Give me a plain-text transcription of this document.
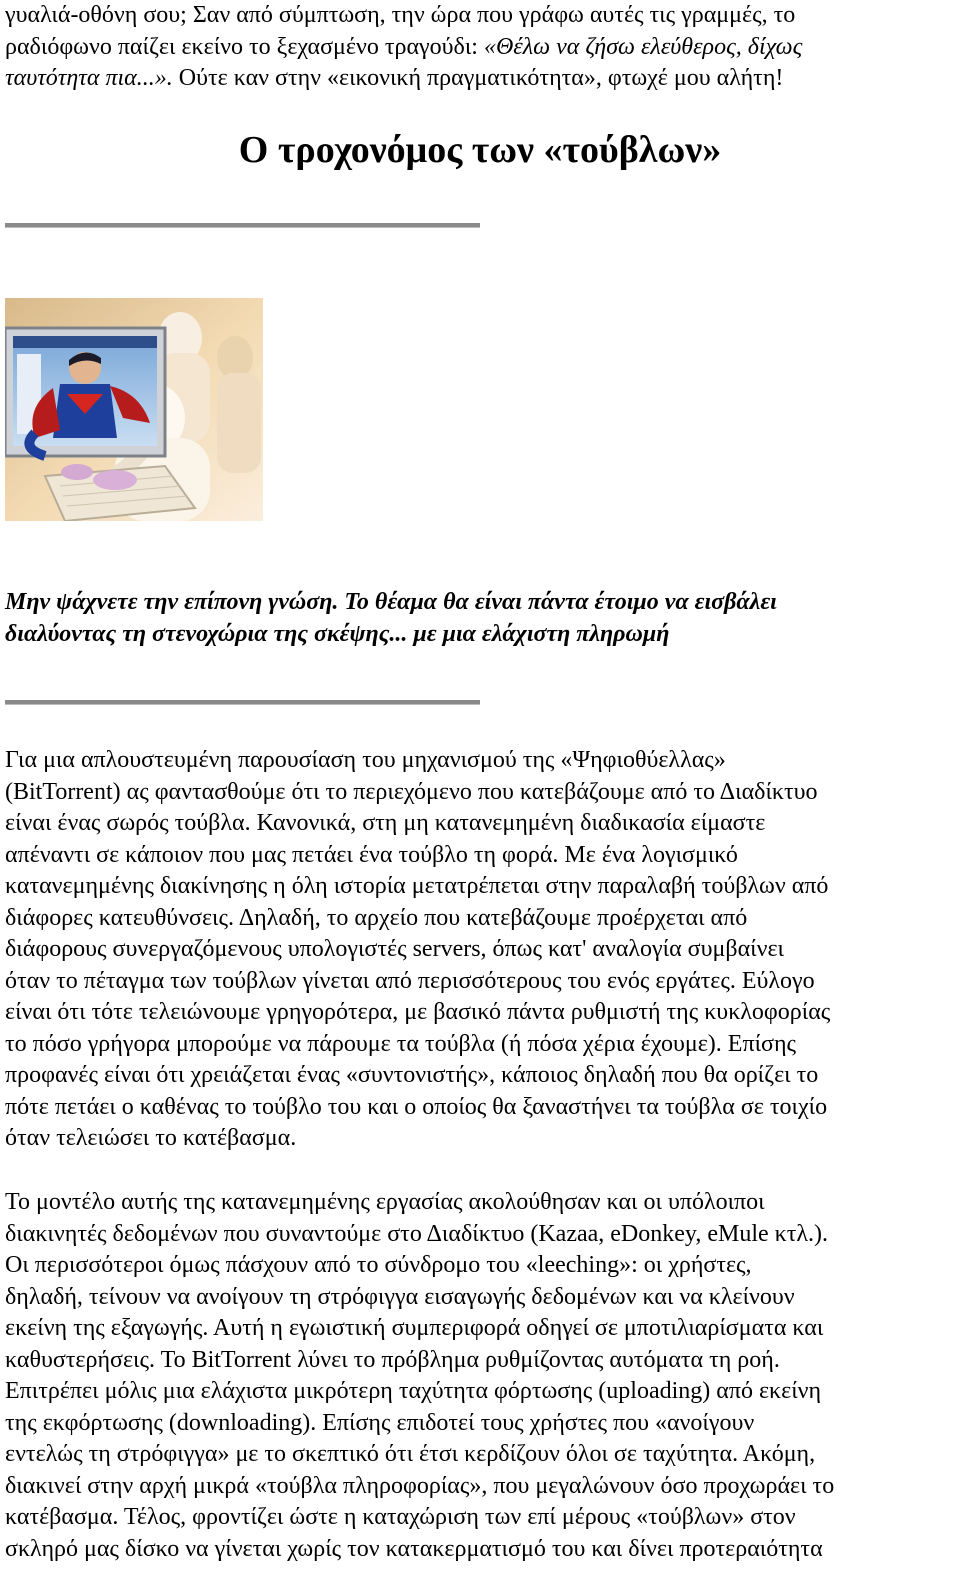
γυαλιά-οθόνη σου; Σαν από σύμπτωση, την ώρα που γράφω αυτές τις γραμμές, το
ραδιόφωνο παίζει εκείνο το ξεχασμένο τραγούδι: «Θέλω να ζήσω ελεύθερος, δίχως
ταυτότητα πια...». Ούτε καν στην «εικονική πραγματικότητα», φτωχέ μου αλήτη!

Ο τροχονόμος των «τούβλων»

Μην ψάχνετε την επίπονη γνώση. Το θέαμα θα είναι πάντα έτοιμο να εισβάλει
διαλύοντας τη στενοχώρια της σκέψης... με μια ελάχιστη πληρωμή

Για μια απλουστευμένη παρουσίαση του μηχανισμού της «Ψηφιοθύελλας»
(BitTorrent) ας φαντασθούμε ότι το περιεχόμενο που κατεβάζουμε από το Διαδίκτυο
είναι ένας σωρός τούβλα. Κανονικά, στη μη κατανεμημένη διαδικασία είμαστε
απέναντι σε κάποιον που μας πετάει ένα τούβλο τη φορά. Με ένα λογισμικό
κατανεμημένης διακίνησης η όλη ιστορία μετατρέπεται στην παραλαβή τούβλων από
διάφορες κατευθύνσεις. Δηλαδή, το αρχείο που κατεβάζουμε προέρχεται από
διάφορους συνεργαζόμενους υπολογιστές servers, όπως κατ' αναλογία συμβαίνει
όταν το πέταγμα των τούβλων γίνεται από περισσότερους του ενός εργάτες. Εύλογο
είναι ότι τότε τελειώνουμε γρηγορότερα, με βασικό πάντα ρυθμιστή της κυκλοφορίας
το πόσο γρήγορα μπορούμε να πάρουμε τα τούβλα (ή πόσα χέρια έχουμε). Επίσης
προφανές είναι ότι χρειάζεται ένας «συντονιστής», κάποιος δηλαδή που θα ορίζει το
πότε πετάει ο καθένας το τούβλο του και ο οποίος θα ξαναστήνει τα τούβλα σε τοιχίο
όταν τελειώσει το κατέβασμα.

Το μοντέλο αυτής της κατανεμημένης εργασίας ακολούθησαν και οι υπόλοιποι
διακινητές δεδομένων που συναντούμε στο Διαδίκτυο (Kazaa, eDonkey, eMule κτλ.).
Οι περισσότεροι όμως πάσχουν από το σύνδρομο του «leeching»: οι χρήστες,
δηλαδή, τείνουν να ανοίγουν τη στρόφιγγα εισαγωγής δεδομένων και να κλείνουν
εκείνη της εξαγωγής. Αυτή η εγωιστική συμπεριφορά οδηγεί σε μποτιλιαρίσματα και
καθυστερήσεις. Το BitTorrent λύνει το πρόβλημα ρυθμίζοντας αυτόματα τη ροή.
Επιτρέπει μόλις μια ελάχιστα μικρότερη ταχύτητα φόρτωσης (uploading) από εκείνη
της εκφόρτωσης (downloading). Επίσης επιδοτεί τους χρήστες που «ανοίγουν
εντελώς τη στρόφιγγα» με το σκεπτικό ότι έτσι κερδίζουν όλοι σε ταχύτητα. Ακόμη,
διακινεί στην αρχή μικρά «τούβλα πληροφορίας», που μεγαλώνουν όσο προχωράει το
κατέβασμα. Τέλος, φροντίζει ώστε η καταχώριση των επί μέρους «τούβλων» στον
σκληρό μας δίσκο να γίνεται χωρίς τον κατακερματισμό του και δίνει προτεραιότητα
